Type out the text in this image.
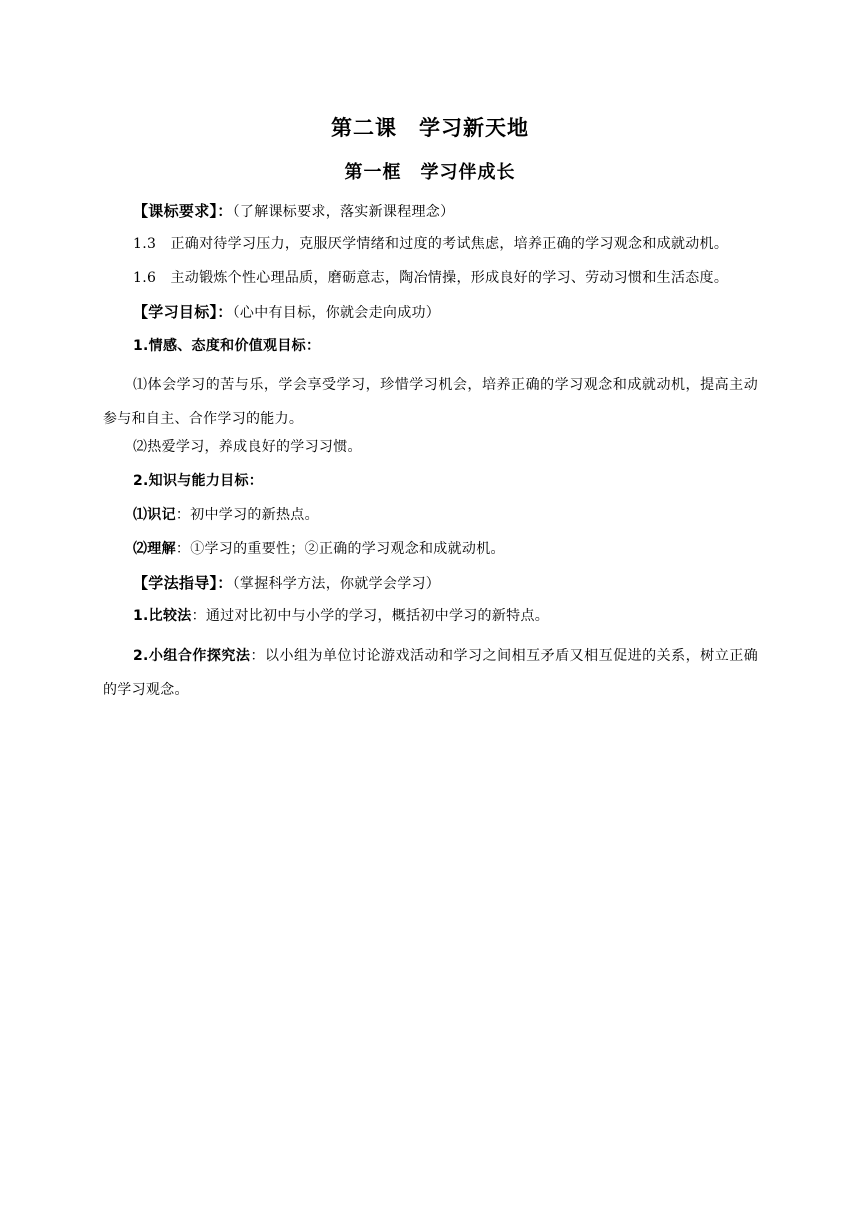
第二课　学习新天地
第一框　学习伴成长
【课标要求】：（了解课标要求，落实新课程理念）
1.3　正确对待学习压力，克服厌学情绪和过度的考试焦虑，培养正确的学习观念和成就动机。
1.6　主动锻炼个性心理品质，磨砺意志，陶冶情操，形成良好的学习、劳动习惯和生活态度。
【学习目标】：（心中有目标，你就会走向成功）
1.情感、态度和价值观目标：
⑴体会学习的苦与乐，学会享受学习，珍惜学习机会，培养正确的学习观念和成就动机，提高主动参与和自主、合作学习的能力。
⑵热爱学习，养成良好的学习习惯。
2.知识与能力目标：
⑴识记：初中学习的新热点。
⑵理解：①学习的重要性；②正确的学习观念和成就动机。
【学法指导】：（掌握科学方法，你就学会学习）
1.比较法：通过对比初中与小学的学习，概括初中学习的新特点。
2.小组合作探究法：以小组为单位讨论游戏活动和学习之间相互矛盾又相互促进的关系，树立正确的学习观念。
